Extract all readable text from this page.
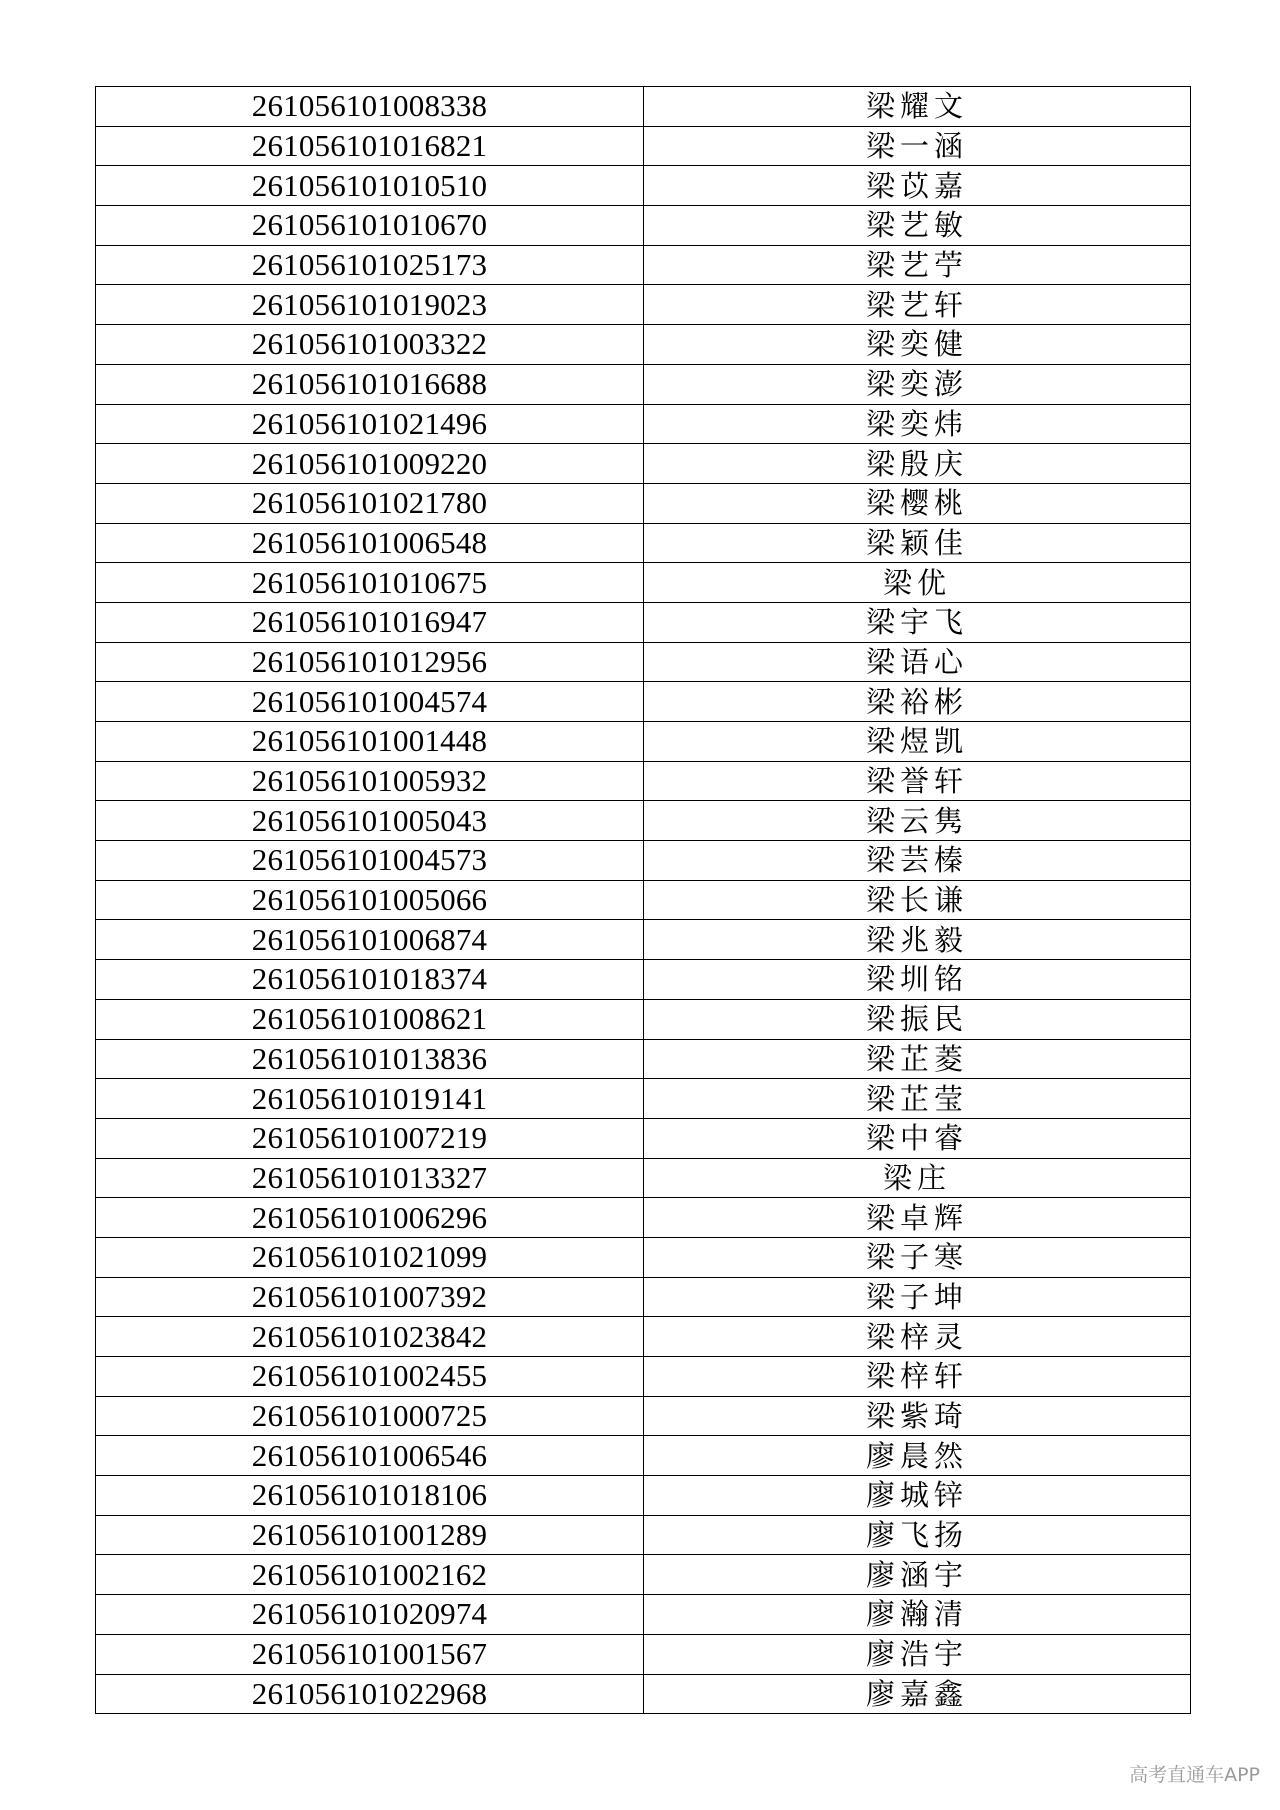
261056101008338	梁耀文
261056101016821	梁一涵
261056101010510	梁苡嘉
261056101010670	梁艺敏
261056101025173	梁艺苧
261056101019023	梁艺轩
261056101003322	梁奕健
261056101016688	梁奕澎
261056101021496	梁奕炜
261056101009220	梁殷庆
261056101021780	梁樱桃
261056101006548	梁颖佳
261056101010675	梁优
261056101016947	梁宇飞
261056101012956	梁语心
261056101004574	梁裕彬
261056101001448	梁煜凯
261056101005932	梁誉轩
261056101005043	梁云隽
261056101004573	梁芸榛
261056101005066	梁长谦
261056101006874	梁兆毅
261056101018374	梁圳铭
261056101008621	梁振民
261056101013836	梁芷菱
261056101019141	梁芷莹
261056101007219	梁中睿
261056101013327	梁庄
261056101006296	梁卓辉
261056101021099	梁子寒
261056101007392	梁子坤
261056101023842	梁梓灵
261056101002455	梁梓轩
261056101000725	梁紫琦
261056101006546	廖晨然
261056101018106	廖城锌
261056101001289	廖飞扬
261056101002162	廖涵宇
261056101020974	廖瀚清
261056101001567	廖浩宇
261056101022968	廖嘉鑫
高考直通车APP
